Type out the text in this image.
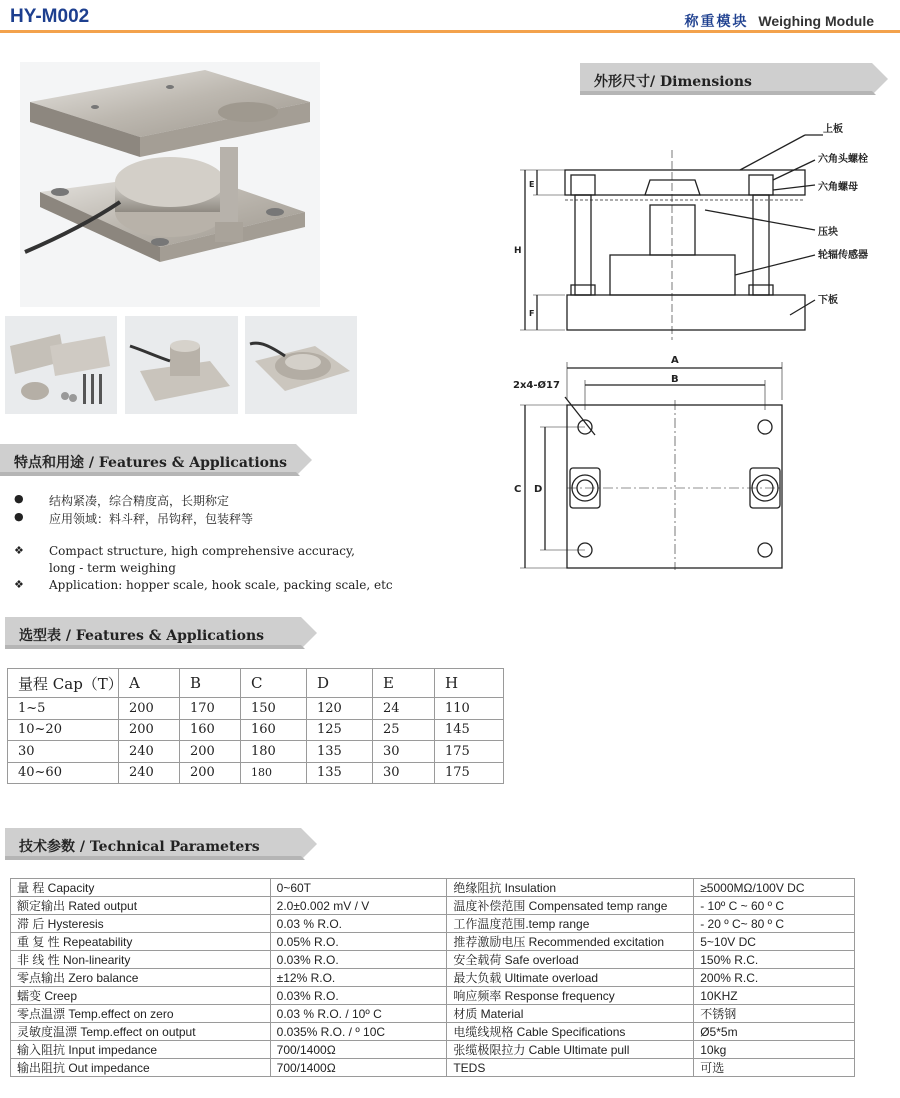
HY-M002	称重模块 Weighing Module
外形尺寸/ Dimensions
上板
六角头螺栓
六角螺母
压块
轮辐传感器
下板
E
H
F
A
B
C D
2x4-Ø17
特点和用途 / Features & Applications
● 结构紧凑，综合精度高，长期称定
● 应用领域：料斗秤，吊钩秤，包装秤等
❖ Compact structure, high comprehensive accuracy,
long - term weighing
❖ Application: hopper scale, hook scale, packing scale, etc
选型表 / Features & Applications
量程 Cap（T）	A	B	C	D	E	H
1~5	200	170	150	120	24	110
10~20	200	160	160	125	25	145
30	240	200	180	135	30	175
40~60	240	200	180	135	30	175
技术参数 / Technical Parameters
量 程 Capacity	0~60T	绝缘阻抗 Insulation	≥5000MΩ/100V DC
额定输出 Rated output	2.0±0.002 mV / V	温度补偿范围 Compensated temp range	- 10º C ~ 60 º C
滞 后 Hysteresis	0.03 % R.O.	工作温度范围.temp range	- 20 º C~ 80 º C
重 复 性 Repeatability	0.05% R.O.	推荐激励电压 Recommended excitation	5~10V DC
非 线 性 Non-linearity	0.03% R.O.	安全载荷 Safe overload	150% R.C.
零点输出 Zero balance	±12% R.O.	最大负载 Ultimate overload	200% R.C.
蠕变 Creep	0.03% R.O.	响应频率 Response frequency	10KHZ
零点温漂 Temp.effect on zero	0.03 % R.O. / 10º C	材质 Material	不锈钢
灵敏度温漂 Temp.effect on output	0.035% R.O. / º 10C	电缆线规格 Cable Specifications	Ø5*5m
输入阻抗 Input impedance	700/1400Ω	张缆极限拉力 Cable Ultimate pull	10kg
输出阻抗 Out impedance	700/1400Ω	TEDS	可选
